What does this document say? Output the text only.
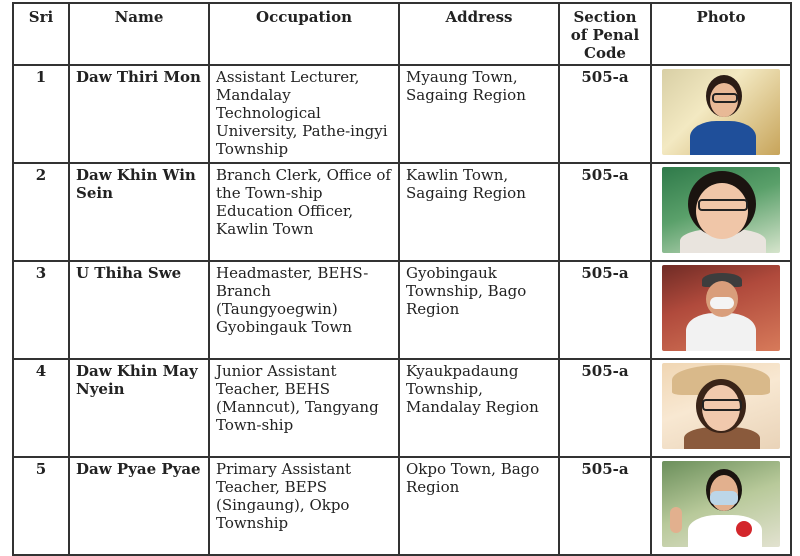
Sri	Name	Occupation	Address	Section of Penal Code	Photo
1	Daw Thiri Mon	Assistant Lecturer, Mandalay Technological University, Pathe-ingyi Township	Myaung Town, Sagaing Region	505-a	

2	Daw Khin Win Sein	Branch Clerk, Office of the Town-ship Education Officer, Kawlin Town	Kawlin Town, Sagaing Region	505-a	

3	U Thiha Swe	Headmaster, BEHS-Branch (Taungyoegwin) Gyobingauk Town	Gyobingauk Township, Bago Region	505-a	

4	Daw Khin May Nyein	Junior Assistant Teacher, BEHS (Manncut), Tangyang Town-ship	Kyaukpadaung Township, Mandalay Region	505-a	

5	Daw Pyae Pyae	Primary Assistant Teacher, BEPS (Singaung), Okpo Township	Okpo Town, Bago Region	505-a	
